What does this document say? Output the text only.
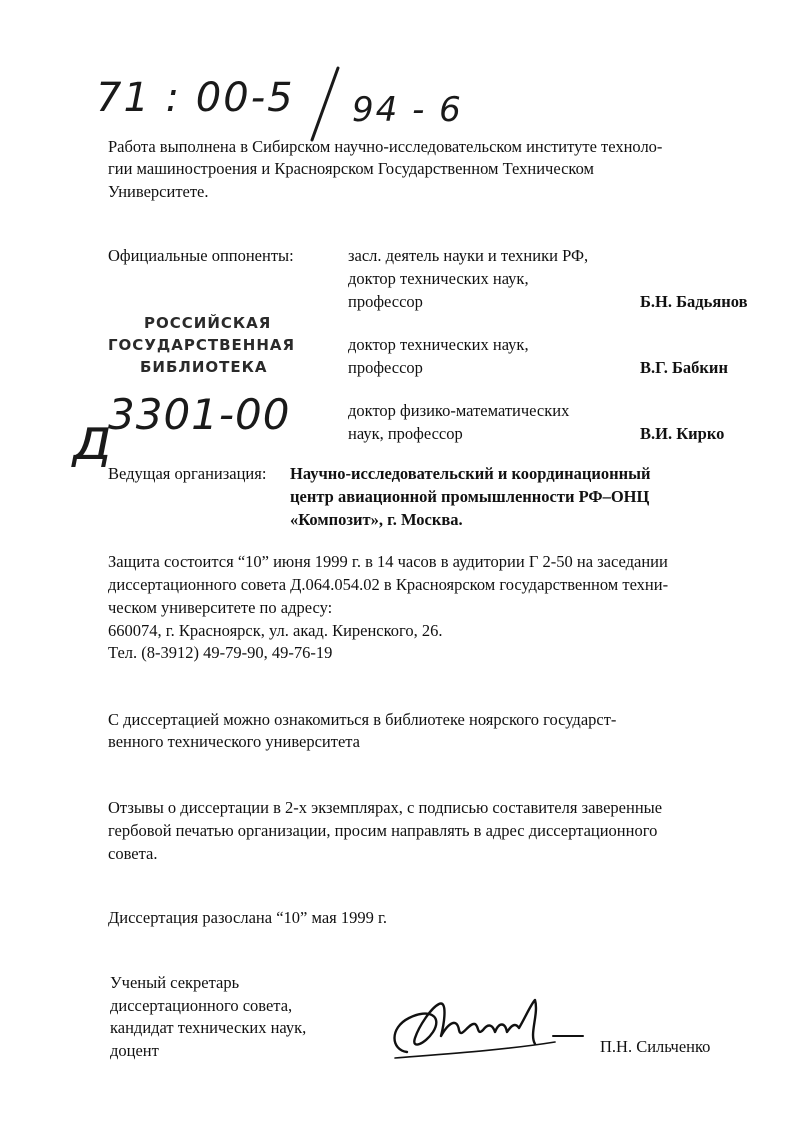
71 : 00-5 94 - 6
Работа выполнена в Сибирском научно-исследовательском институте техноло-
гии машиностроения и Красноярском Государственном Техническом
Университете.
Официальные оппоненты:	засл. деятель науки и техники РФ,
доктор технических наук,
профессор	Б.Н. Бадьянов
доктор технических наук,
профессор	В.Г. Бабкин
доктор физико-математических
наук, профессор	В.И. Кирко
РОССИЙСКАЯ
ГОСУДАРСТВЕННАЯ
БИБЛИОТЕКА
д
3301-00
Ведущая организация: Научно-исследовательский и координационный
центр авиационной промышленности РФ–ОНЦ
«Композит», г. Москва.
Защита состоится “10” июня 1999 г. в 14 часов в аудитории Г 2-50 на заседании
диссертационного совета Д.064.054.02 в Красноярском государственном техни-
ческом университете по адресу:
660074, г. Красноярск, ул. акад. Киренского, 26.
Тел. (8-3912) 49-79-90, 49-76-19
С диссертацией можно ознакомиться в библиотеке ноярского государст-
венного технического университета
Отзывы о диссертации в 2-х экземплярах, с подписью составителя заверенные
гербовой печатью организации, просим направлять в адрес диссертационного
совета.
Диссертация разослана “10” мая 1999 г.
Ученый секретарь
диссертационного совета,
кандидат технических наук,
доцент	П.Н. Сильченко
